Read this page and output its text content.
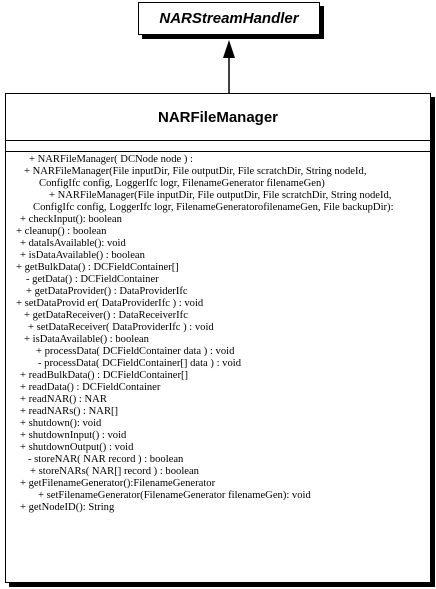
NARStreamHandler
NARFileManager
+ NARFileManager( DCNode node ) :
+ NARFileManager(File inputDir, File outputDir, File scratchDir, String nodeId,
ConfigIfc config, LoggerIfc logr, FilenameGenerator filenameGen)
+ NARFileManager(File inputDir, File outputDir, File scratchDir, String nodeId,
ConfigIfc config, LoggerIfc logr, FilenameGeneratorofilenameGen, File backupDir):
+ checkInput(): boolean
+ cleanup() : boolean
+ dataIsAvailable(): void
+ isDataAvailable() : boolean
+ getBulkData() : DCFieldContainer[]
- getData() : DCFieldContainer
+ getDataProvider() : DataProviderIfc
+ setDataProvid er( DataProviderIfc ) : void
+ getDataReceiver() : DataReceiverIfc
+ setDataReceiver( DataProviderIfc ) : void
+ isDataAvailable() : boolean
+ processData( DCFieldContainer data ) : void
- processData( DCFieldContainer[] data ) : void
+ readBulkData() : DCFieldContainer[]
+ readData() : DCFieldContainer
+ readNAR() : NAR
+ readNARs() : NAR[]
+ shutdown(): void
+ shutdownInput() : void
+ shutdownOutput() : void
- storeNAR( NAR record ) : boolean
+ storeNARs( NAR[] record ) : boolean
+ getFilenameGenerator():FilenameGenerator
+ setFilenameGenerator(FilenameGenerator filenameGen): void
+ getNodeID(): String
